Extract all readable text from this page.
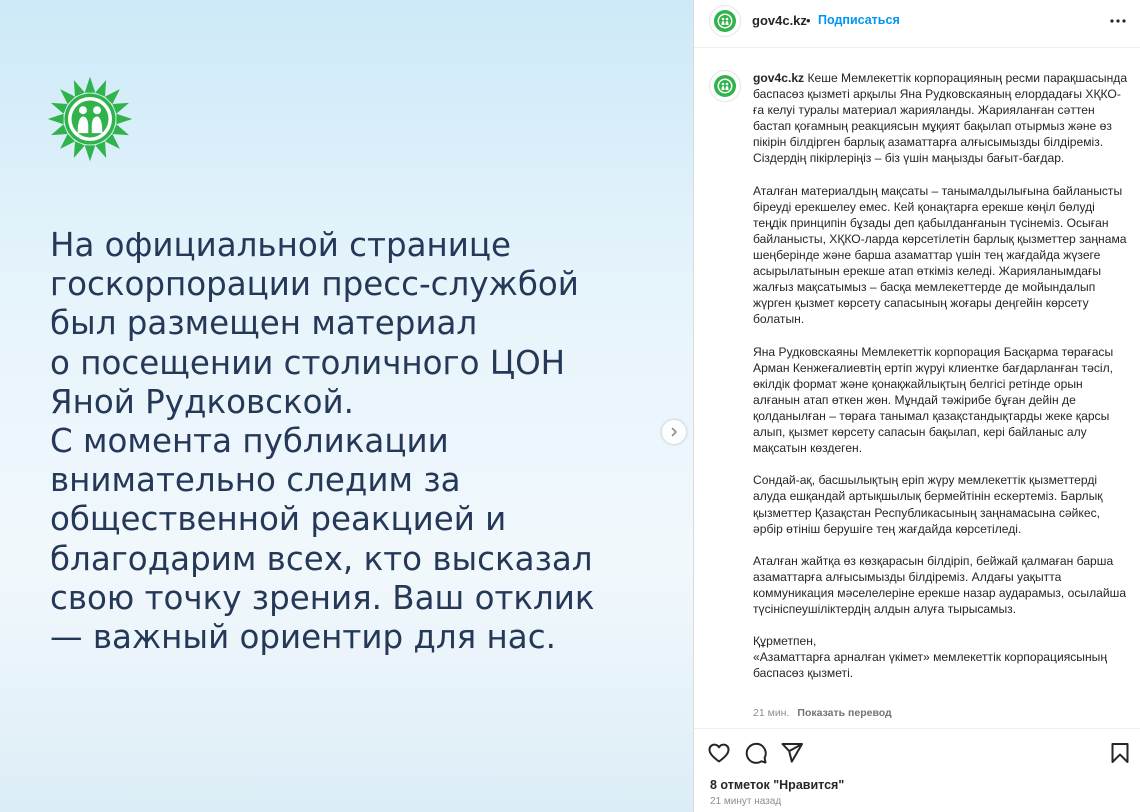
На официальной странице
госкорпорации пресс-службой
был размещен материал
о посещении столичного ЦОН
Яной Рудковской.
С момента публикации
внимательно следим за
общественной реакцией и
благодарим всех, кто высказал
свою точку зрения. Ваш отклик
— важный ориентир для нас.

gov4c.kz • Подписаться

gov4c.kz Кеше Мемлекеттік корпорацияның ресми парақшасында баспасөз қызметі арқылы Яна Рудковскаяның елордадағы ХҚКО-ға келуі туралы материал жарияланды. Жарияланған сәттен бастап қоғамның реакциясын мұқият бақылап отырмыз және өз пікірін білдірген барлық азаматтарға алғысымызды білдіреміз. Сіздердің пікірлеріңіз – біз үшін маңызды бағыт-бағдар.

Аталған материалдың мақсаты – танымалдылығына байланысты біреуді ерекшелеу емес. Кей қонақтарға ерекше көңіл бөлуді теңдік принципін бұзады деп қабылданғанын түсінеміз. Осыған байланысты, ХҚКО-ларда көрсетілетін барлық қызметтер заңнама шеңберінде және барша азаматтар үшін тең жағдайда жүзеге асырылатынын ерекше атап өткіміз келеді. Жарияланымдағы жалғыз мақсатымыз – басқа мемлекеттерде де мойындалып жүрген қызмет көрсету сапасының жоғары деңгейін көрсету болатын.

Яна Рудковскаяны Мемлекеттік корпорация Басқарма төрағасы Арман Кенжеғалиевтің ертіп жүруі клиентке бағдарланған тәсіл, өкілдік формат және қонақжайлықтың белгісі ретінде орын алғанын атап өткен жөн. Мұндай тәжірибе бұған дейін де қолданылған – төраға танымал қазақстандықтарды жеке қарсы алып, қызмет көрсету сапасын бақылап, кері байланыс алу мақсатын көздеген.

Сондай-ақ, басшылықтың еріп жүру мемлекеттік қызметтерді алуда ешқандай артықшылық бермейтінін ескертеміз. Барлық қызметтер Қазақстан Республикасының заңнамасына сәйкес, әрбір өтініш берушіге тең жағдайда көрсетіледі.

Аталған жайтқа өз көзқарасын білдіріп, бейжай қалмаған барша азаматтарға алғысымызды білдіреміз. Алдағы уақытта коммуникация мәселелеріне ерекше назар аударамыз, осылайша түсініспеушіліктердің алдын алуға тырысамыз.

Құрметпен,
«Азаматтарға арналған үкімет» мемлекеттік корпорациясының баспасөз қызметі.

21 мин. Показать перевод
8 отметок "Нравится"
21 минут назад
